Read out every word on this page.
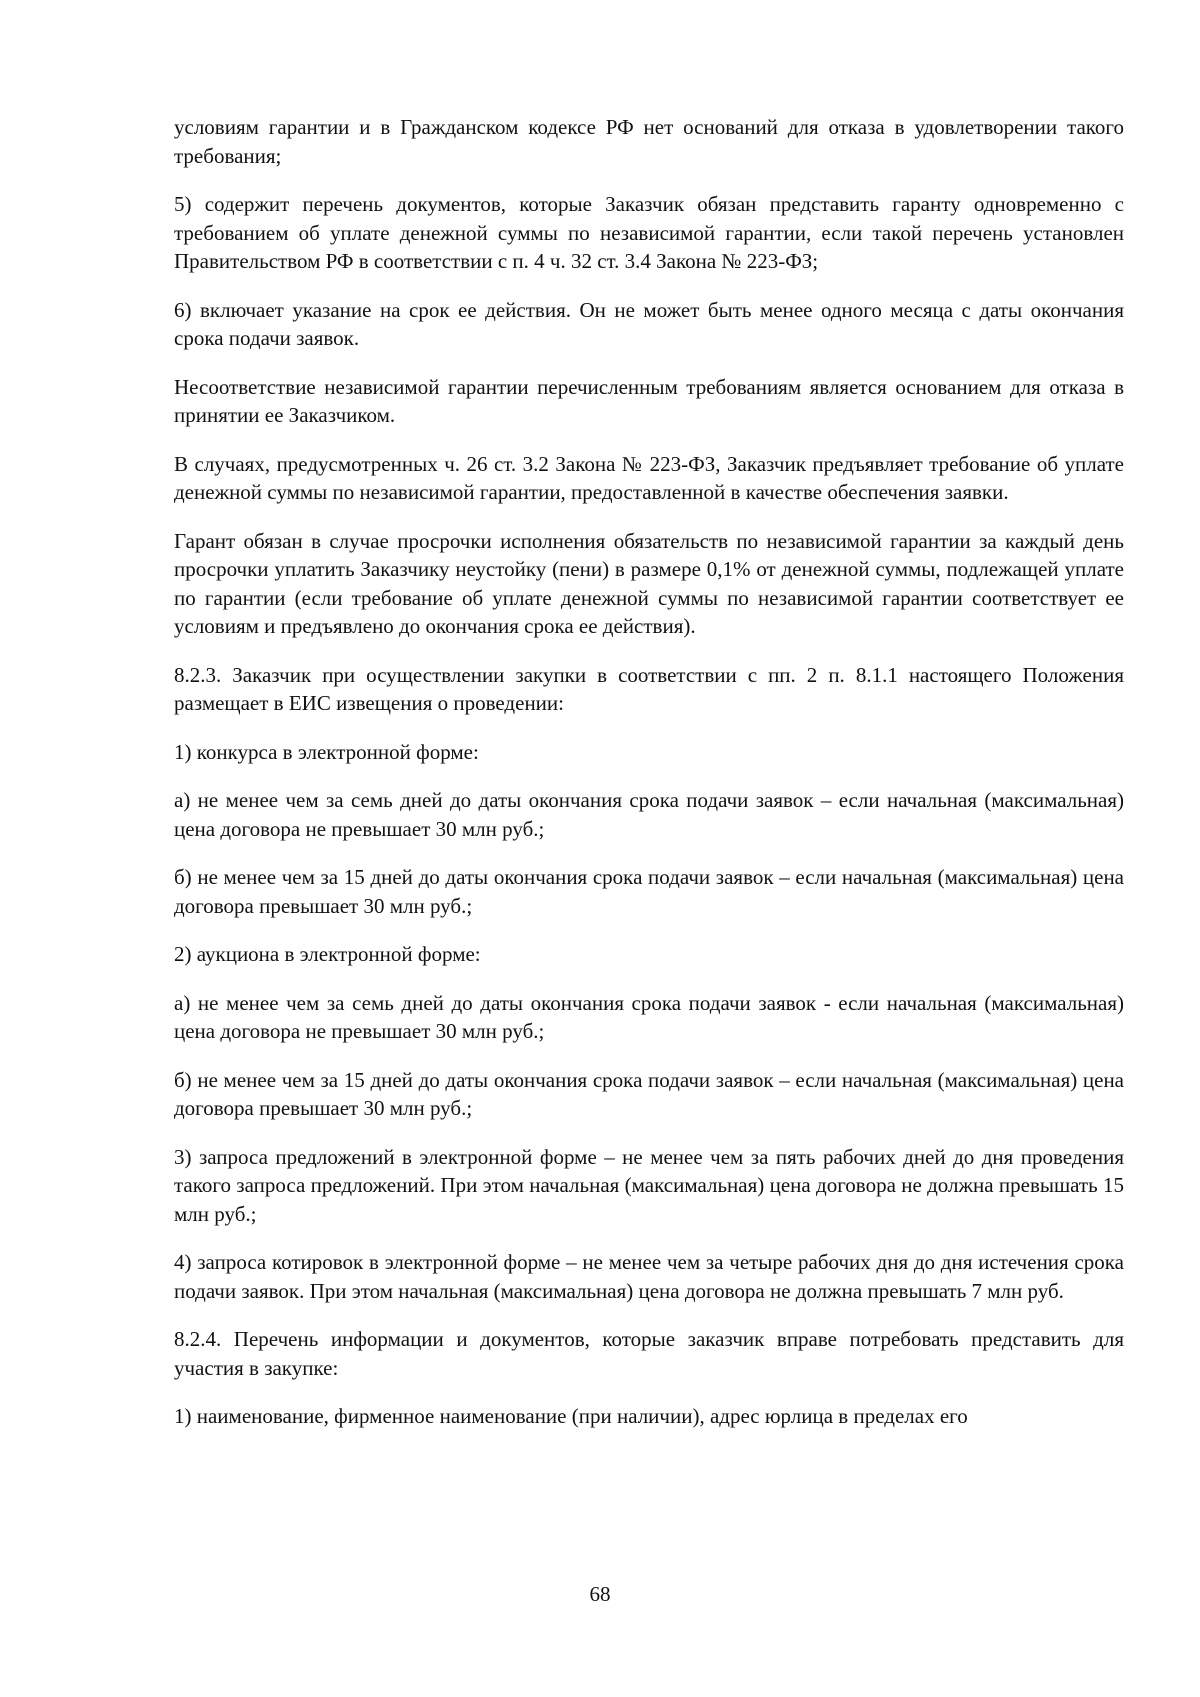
условиям гарантии и в Гражданском кодексе РФ нет оснований для отказа в удовлетворении такого требования;

5) содержит перечень документов, которые Заказчик обязан представить гаранту одновременно с требованием об уплате денежной суммы по независимой гарантии, если такой перечень установлен Правительством РФ в соответствии с п. 4 ч. 32 ст. 3.4 Закона № 223-ФЗ;

6) включает указание на срок ее действия. Он не может быть менее одного месяца с даты окончания срока подачи заявок.

Несоответствие независимой гарантии перечисленным требованиям является основанием для отказа в принятии ее Заказчиком.

В случаях, предусмотренных ч. 26 ст. 3.2 Закона № 223-ФЗ, Заказчик предъявляет требование об уплате денежной суммы по независимой гарантии, предоставленной в качестве обеспечения заявки.

Гарант обязан в случае просрочки исполнения обязательств по независимой гарантии за каждый день просрочки уплатить Заказчику неустойку (пени) в размере 0,1% от денежной суммы, подлежащей уплате по гарантии (если требование об уплате денежной суммы по независимой гарантии соответствует ее условиям и предъявлено до окончания срока ее действия).

8.2.3. Заказчик при осуществлении закупки в соответствии с пп. 2 п. 8.1.1 настоящего Положения размещает в ЕИС извещения о проведении:

1) конкурса в электронной форме:

а) не менее чем за семь дней до даты окончания срока подачи заявок – если начальная (максимальная) цена договора не превышает 30 млн руб.;

б) не менее чем за 15 дней до даты окончания срока подачи заявок – если начальная (максимальная) цена договора превышает 30 млн руб.;

2) аукциона в электронной форме:

а) не менее чем за семь дней до даты окончания срока подачи заявок - если начальная (максимальная) цена договора не превышает 30 млн руб.;

б) не менее чем за 15 дней до даты окончания срока подачи заявок – если начальная (максимальная) цена договора превышает 30 млн руб.;

3) запроса предложений в электронной форме – не менее чем за пять рабочих дней до дня проведения такого запроса предложений. При этом начальная (максимальная) цена договора не должна превышать 15 млн руб.;

4) запроса котировок в электронной форме – не менее чем за четыре рабочих дня до дня истечения срока подачи заявок. При этом начальная (максимальная) цена договора не должна превышать 7 млн руб.

8.2.4. Перечень информации и документов, которые заказчик вправе потребовать представить для участия в закупке:

1) наименование, фирменное наименование (при наличии), адрес юрлица в пределах его

68
